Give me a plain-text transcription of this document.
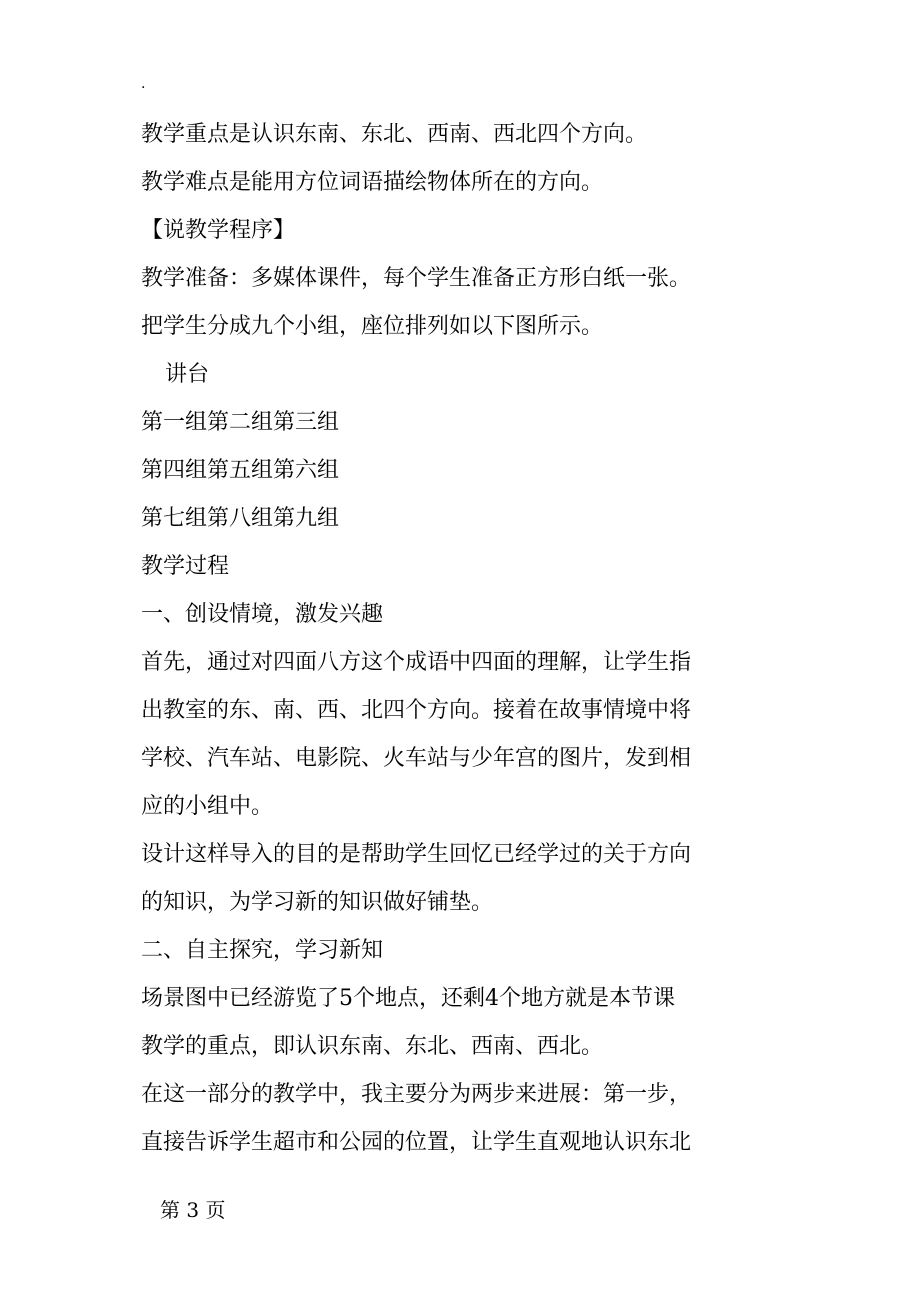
.
教学重点是认识东南、东北、西南、西北四个方向。
教学难点是能用方位词语描绘物体所在的方向。
【说教学程序】
教学准备：多媒体课件，每个学生准备正方形白纸一张。
把学生分成九个小组，座位排列如以下图所示。
讲台
第一组第二组第三组
第四组第五组第六组
第七组第八组第九组
教学过程
一、创设情境，激发兴趣
首先，通过对四面八方这个成语中四面的理解，让学生指
出教室的东、南、西、北四个方向。接着在故事情境中将
学校、汽车站、电影院、火车站与少年宫的图片，发到相
应的小组中。
设计这样导入的目的是帮助学生回忆已经学过的关于方向
的知识，为学习新的知识做好铺垫。
二、自主探究，学习新知
场景图中已经游览了5个地点，还剩4个地方就是本节课
教学的重点，即认识东南、东北、西南、西北。
在这一部分的教学中，我主要分为两步来进展：第一步，
直接告诉学生超市和公园的位置，让学生直观地认识东北
第 3 页
